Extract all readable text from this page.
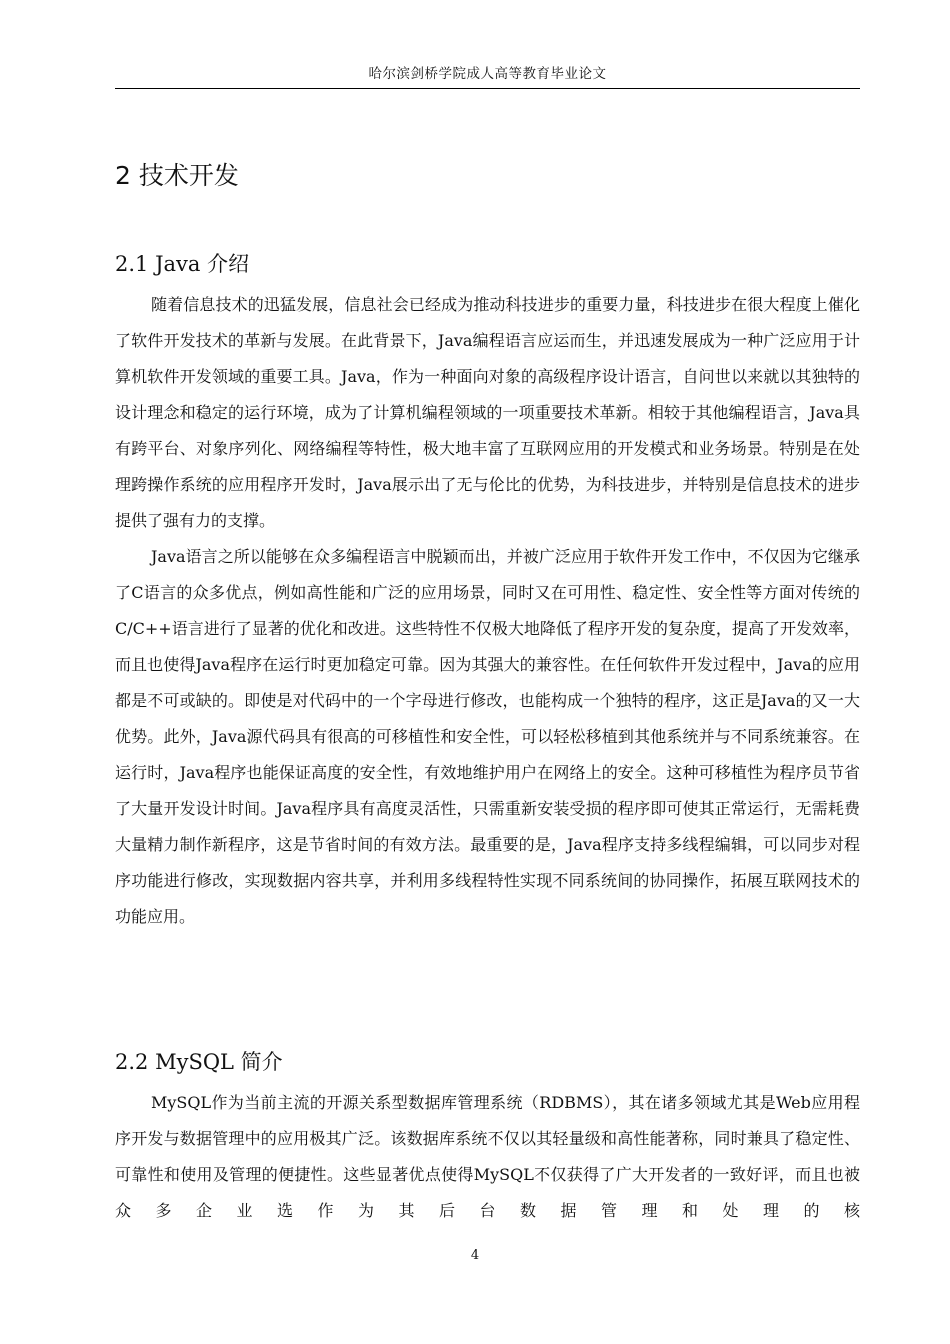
哈尔滨剑桥学院成人高等教育毕业论文
2 技术开发
2.1 Java 介绍

随着信息技术的迅猛发展，信息社会已经成为推动科技进步的重要力量，科技进步在很大程度上催化了软件开发技术的革新与发展。在此背景下，Java编程语言应运而生，并迅速发展成为一种广泛应用于计算机软件开发领域的重要工具。Java，作为一种面向对象的高级程序设计语言，自问世以来就以其独特的设计理念和稳定的运行环境，成为了计算机编程领域的一项重要技术革新。相较于其他编程语言，Java具有跨平台、对象序列化、网络编程等特性，极大地丰富了互联网应用的开发模式和业务场景。特别是在处理跨操作系统的应用程序开发时，Java展示出了无与伦比的优势，为科技进步，并特别是信息技术的进步提供了强有力的支撑。

Java语言之所以能够在众多编程语言中脱颖而出，并被广泛应用于软件开发工作中，不仅因为它继承了C语言的众多优点，例如高性能和广泛的应用场景，同时又在可用性、稳定性、安全性等方面对传统的C/C++语言进行了显著的优化和改进。这些特性不仅极大地降低了程序开发的复杂度，提高了开发效率，而且也使得Java程序在运行时更加稳定可靠。因为其强大的兼容性。在任何软件开发过程中，Java的应用都是不可或缺的。即使是对代码中的一个字母进行修改，也能构成一个独特的程序，这正是Java的又一大优势。此外，Java源代码具有很高的可移植性和安全性，可以轻松移植到其他系统并与不同系统兼容。在运行时，Java程序也能保证高度的安全性，有效地维护用户在网络上的安全。这种可移植性为程序员节省了大量开发设计时间。Java程序具有高度灵活性，只需重新安装受损的程序即可使其正常运行，无需耗费大量精力制作新程序，这是节省时间的有效方法。最重要的是，Java程序支持多线程编辑，可以同步对程序功能进行修改，实现数据内容共享，并利用多线程特性实现不同系统间的协同操作，拓展互联网技术的功能应用。

2.2 MySQL 简介

MySQL作为当前主流的开源关系型数据库管理系统（RDBMS），其在诸多领域尤其是Web应用程序开发与数据管理中的应用极其广泛。该数据库系统不仅以其轻量级和高性能著称，同时兼具了稳定性、可靠性和使用及管理的便捷性。这些显著优点使得MySQL不仅获得了广大开发者的一致好评，而且也被众多企业选作为其后台数据管理和处理的核

4
